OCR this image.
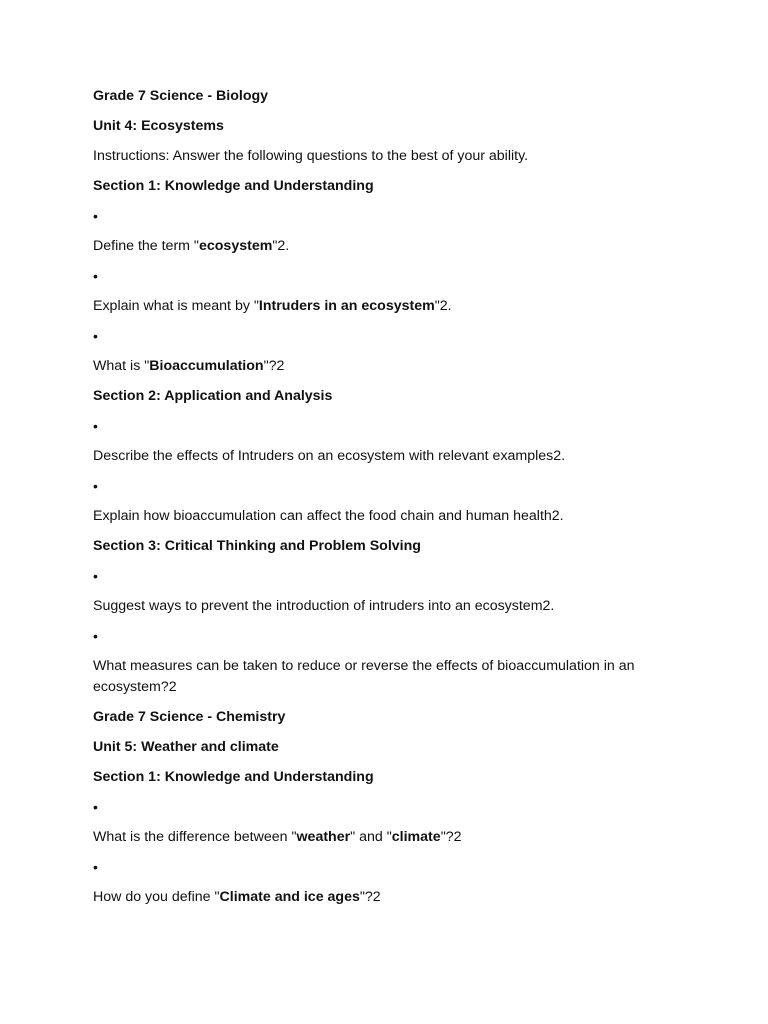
Grade 7 Science - Biology
Unit 4: Ecosystems
Instructions: Answer the following questions to the best of your ability.
Section 1: Knowledge and Understanding
•
Define the term "ecosystem"2.
•
Explain what is meant by "Intruders in an ecosystem"2.
•
What is "Bioaccumulation"?2
Section 2: Application and Analysis
•
Describe the effects of Intruders on an ecosystem with relevant examples2.
•
Explain how bioaccumulation can affect the food chain and human health2.
Section 3: Critical Thinking and Problem Solving
•
Suggest ways to prevent the introduction of intruders into an ecosystem2.
•
What measures can be taken to reduce or reverse the effects of bioaccumulation in an ecosystem?2
Grade 7 Science - Chemistry
Unit 5: Weather and climate
Section 1: Knowledge and Understanding
•
What is the difference between "weather" and "climate"?2
•
How do you define "Climate and ice ages"?2
